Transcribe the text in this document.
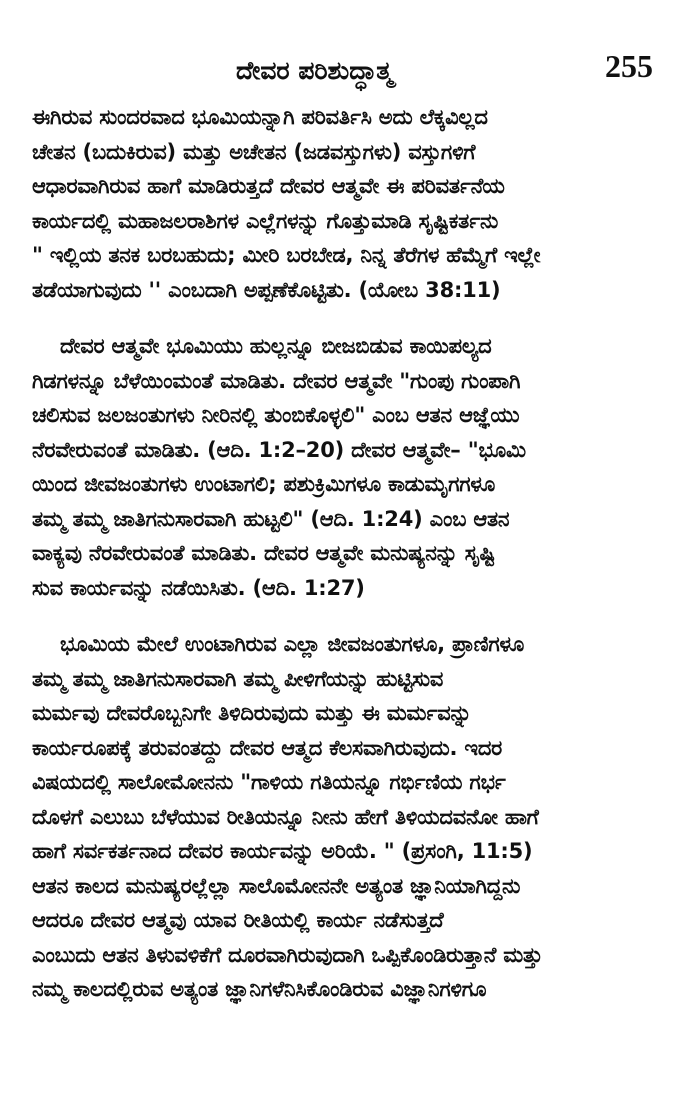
ದೇವರ ಪರಿಶುದ್ಧಾತ್ಮ	255
ಈಗಿರುವ ಸುಂದರವಾದ ಭೂಮಿಯನ್ನಾಗಿ ಪರಿವರ್ತಿಸಿ ಅದು ಲೆಕ್ಕವಿಲ್ಲದ
ಚೇತನ (ಬದುಕಿರುವ) ಮತ್ತು ಅಚೇತನ (ಜಡವಸ್ತುಗಳು) ವಸ್ತುಗಳಿಗೆ
ಆಧಾರವಾಗಿರುವ ಹಾಗೆ ಮಾಡಿರುತ್ತದೆ ದೇವರ ಆತ್ಮವೇ ಈ ಪರಿವರ್ತನೆಯ
ಕಾರ್ಯದಲ್ಲಿ ಮಹಾಜಲರಾಶಿಗಳ ಎಲ್ಲೆಗಳನ್ನು ಗೊತ್ತುಮಾಡಿ ಸೃಷ್ಟಿಕರ್ತನು
" ಇಲ್ಲಿಯ ತನಕ ಬರಬಹುದು; ಮೀರಿ ಬರಬೇಡ, ನಿನ್ನ ತೆರೆಗಳ ಹೆಮ್ಮೆಗೆ ಇಲ್ಲೇ
ತಡೆಯಾಗುವುದು '' ಎಂಬದಾಗಿ ಅಪ್ಪಣೆಕೊಟ್ಟಿತು. (ಯೋಬ 38:11)
ದೇವರ ಆತ್ಮವೇ ಭೂಮಿಯು ಹುಲ್ಲನ್ನೂ ಬೀಜಬಿಡುವ ಕಾಯಿಪಲ್ಯದ
ಗಿಡಗಳನ್ನೂ ಬೆಳೆಯಿಂಮಂತೆ ಮಾಡಿತು. ದೇವರ ಆತ್ಮವೇ "ಗುಂಪು ಗುಂಪಾಗಿ
ಚಲಿಸುವ ಜಲಜಂತುಗಳು ನೀರಿನಲ್ಲಿ ತುಂಬಿಕೊಳ್ಳಲಿ" ಎಂಬ ಆತನ ಆಜ್ಞೆಯು
ನೆರವೇರುವಂತೆ ಮಾಡಿತು. (ಆದಿ. 1:2–20) ದೇವರ ಆತ್ಮವೇ– "ಭೂಮಿ
ಯಿಂದ ಜೀವಜಂತುಗಳು ಉಂಟಾಗಲಿ; ಪಶುಕ್ರಿಮಿಗಳೂ ಕಾಡುಮೃಗಗಳೂ
ತಮ್ಮ ತಮ್ಮ ಜಾತಿಗನುಸಾರವಾಗಿ ಹುಟ್ಟಲಿ" (ಆದಿ. 1:24) ಎಂಬ ಆತನ
ವಾಕ್ಯವು ನೆರವೇರುವಂತೆ ಮಾಡಿತು. ದೇವರ ಆತ್ಮವೇ ಮನುಷ್ಯನನ್ನು ಸೃಷ್ಟಿ
ಸುವ ಕಾರ್ಯವನ್ನು ನಡೆಯಿಸಿತು. (ಆದಿ. 1:27)
ಭೂಮಿಯ ಮೇಲೆ ಉಂಟಾಗಿರುವ ಎಲ್ಲಾ ಜೀವಜಂತುಗಳೂ, ಪ್ರಾಣಿಗಳೂ
ತಮ್ಮ ತಮ್ಮ ಜಾತಿಗನುಸಾರವಾಗಿ ತಮ್ಮ ಪೀಳಿಗೆಯನ್ನು ಹುಟ್ಟಿಸುವ
ಮರ್ಮವು ದೇವರೊಬ್ಬನಿಗೇ ತಿಳಿದಿರುವುದು ಮತ್ತು ಈ ಮರ್ಮವನ್ನು
ಕಾರ್ಯರೂಪಕ್ಕೆ ತರುವಂತದ್ದು ದೇವರ ಆತ್ಮದ ಕೆಲಸವಾಗಿರುವುದು. ಇದರ
ವಿಷಯದಲ್ಲಿ ಸಾಲೋಮೋನನು "ಗಾಳಿಯ ಗತಿಯನ್ನೂ ಗರ್ಭಿಣಿಯ ಗರ್ಭ
ದೊಳಗೆ ಎಲುಬು ಬೆಳೆಯುವ ರೀತಿಯನ್ನೂ ನೀನು ಹೇಗೆ ತಿಳಿಯದವನೋ ಹಾಗೆ
ಹಾಗೆ ಸರ್ವಕರ್ತನಾದ ದೇವರ ಕಾರ್ಯವನ್ನು ಅರಿಯೆ. " (ಪ್ರಸಂಗಿ, 11:5)
ಆತನ ಕಾಲದ ಮನುಷ್ಯರಲ್ಲೆಲ್ಲಾ ಸಾಲೊಮೋನನೇ ಅತ್ಯಂತ ಜ್ಞಾನಿಯಾಗಿದ್ದನು
ಆದರೂ ದೇವರ ಆತ್ಮವು ಯಾವ ರೀತಿಯಲ್ಲಿ ಕಾರ್ಯ ನಡೆಸುತ್ತದೆ
ಎಂಬುದು ಆತನ ತಿಳುವಳಿಕೆಗೆ ದೂರವಾಗಿರುವುದಾಗಿ ಒಪ್ಪಿಕೊಂಡಿರುತ್ತಾನೆ ಮತ್ತು
ನಮ್ಮ ಕಾಲದಲ್ಲಿರುವ ಅತ್ಯಂತ ಜ್ಞಾನಿಗಳೆನಿಸಿಕೊಂಡಿರುವ ವಿಜ್ಞಾನಿಗಳಿಗೂ
